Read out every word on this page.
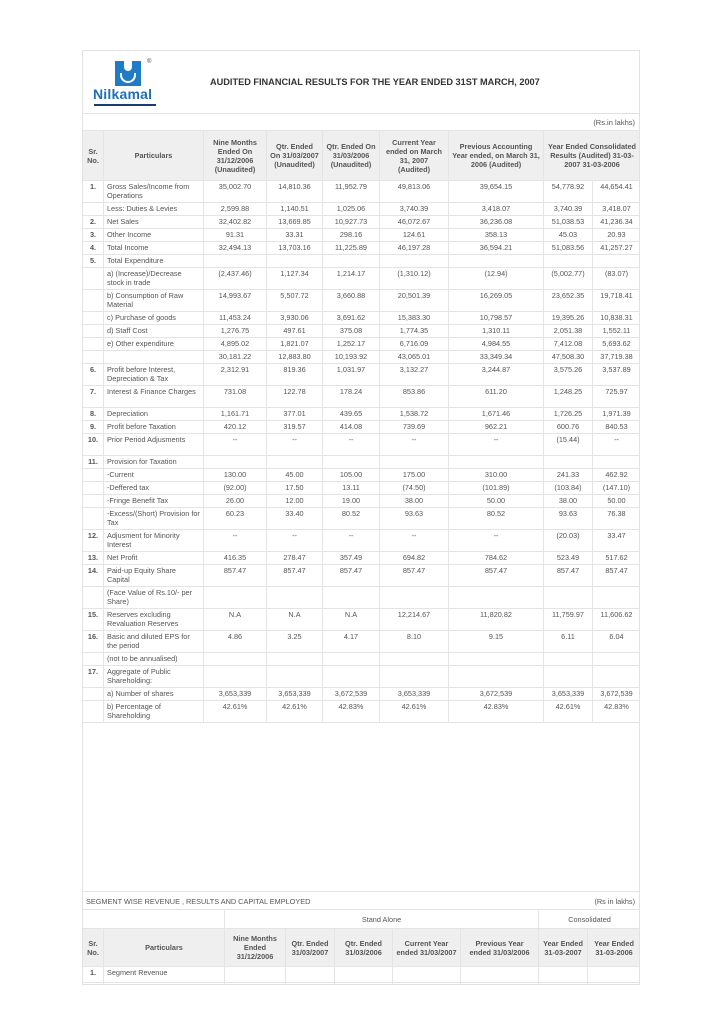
®
Nilkamal
AUDITED FINANCIAL RESULTS FOR THE YEAR ENDED 31ST MARCH, 2007
(Rs.in lakhs)
Sr. No.	Particulars	Nine Months Ended On 31/12/2006 (Unaudited)	Qtr. Ended On 31/03/2007 (Unaudited)	Qtr. Ended On 31/03/2006 (Unaudited)	Current Year ended on March 31, 2007 (Audited)	Previous Accounting Year ended, on March 31, 2006 (Audited)	Year Ended Consolidated Results (Audited) 31-03-2007 31-03-2006	
1.	Gross Sales/Income from Operations	35,002.70	14,810.36	11,952.79	49,813.06	39,654.15	54,778.92	44,654.41
	Less: Duties & Levies	2,599.88	1,140.51	1,025.06	3,740.39	3,418.07	3,740.39	3,418.07
2.	Net Sales	32,402.82	13,669.85	10,927.73	46,072.67	36,236.08	51,038.53	41,236.34
3.	Other Income	91.31	33.31	298.16	124.61	358.13	45.03	20.93
4.	Total Income	32,494.13	13,703.16	11,225.89	46,197.28	36,594.21	51,083.56	41,257.27
5.	Total Expenditure							
	a) (Increase)/Decrease stock in trade	(2,437.46)	1,127.34	1,214.17	(1,310.12)	(12.94)	(5,002.77)	(83.07)
	b) Consumption of Raw Material	14,993.67	5,507.72	3,660.88	20,501.39	16,269.05	23,652.35	19,718.41
	c) Purchase of goods	11,453.24	3,930.06	3,691.62	15,383.30	10,798.57	19,395.26	10,838.31
	d) Staff Cost	1,276.75	497.61	375.08	1,774.35	1,310.11	2,051.38	1,552.11
	e) Other expenditure	4,895.02	1,821.07	1,252.17	6,716.09	4,984.55	7,412.08	5,693.62
		30,181.22	12,883.80	10,193.92	43,065.01	33,349.34	47,508.30	37,719.38
6.	Profit before Interest, Depreciation & Tax	2,312.91	819.36	1,031.97	3,132.27	3,244.87	3,575.26	3,537.89
7.	Interest & Finance Charges	731.08	122.78	178.24	853.86	611.20	1,248.25	725.97
8.	Depreciation	1,161.71	377.01	439.65	1,538.72	1,671.46	1,726.25	1,971.39
9.	Profit before Taxation	420.12	319.57	414.08	739.69	962.21	600.76	840.53
10.	Prior Period Adjusments	--	--	--	--	--	(15.44)	--
11.	Provision for Taxation							
	-Current	130.00	45.00	105.00	175.00	310.00	241.33	462.92
	-Deffered tax	(92.00)	17.50	13.11	(74.50)	(101.89)	(103.84)	(147.10)
	-Fringe Benefit Tax	26.00	12.00	19.00	38.00	50.00	38.00	50.00
	-Excess/(Short) Provision for Tax	60.23	33.40	80.52	93.63	80.52	93.63	76.38
12.	Adjusment for Minority Interest	--	--	--	--	--	(20.03)	33.47
13.	Net Profit	416.35	278.47	357.49	694.82	784.62	523.49	517.62
14.	Paid-up Equity Share Capital	857.47	857.47	857.47	857.47	857.47	857.47	857.47
	(Face Value of Rs.10/- per Share)							
15.	Reserves excluding Revaluation Reserves	N.A	N.A	N.A	12,214.67	11,820.82	11,759.97	11,606.62
16.	Basic and diluted EPS for the period	4.86	3.25	4.17	8.10	9.15	6.11	6.04
	(not to be annualised)							
17.	Aggregate of Public Shareholding:							
	a) Number of shares	3,653,339	3,653,339	3,672,539	3,653,339	3,672,539	3,653,339	3,672,539
	b) Percentage of Shareholding	42.61%	42.61%	42.83%	42.61%	42.83%	42.61%	42.83%
SEGMENT WISE REVENUE , RESULTS AND CAPITAL EMPLOYED	(Rs in lakhs)
		Stand Alone					Consolidated	
Sr. No.	Particulars	Nine Months Ended 31/12/2006	Qtr. Ended 31/03/2007	Qtr. Ended 31/03/2006	Current Year ended 31/03/2007	Previous Year ended 31/03/2006	Year Ended 31-03-2007	Year Ended 31-03-2006
1.	Segment Revenue							
